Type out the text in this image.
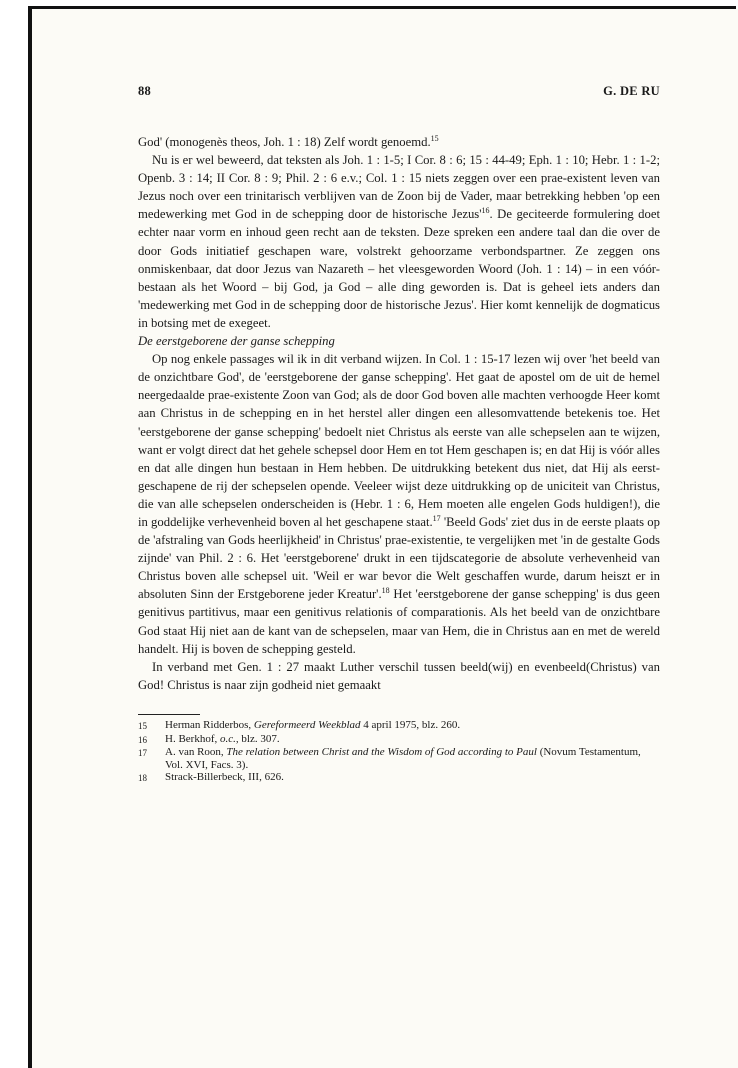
88	G. DE RU

God' (monogenès theos, Joh. 1 : 18) Zelf wordt genoemd.$^{15}$

Nu is er wel beweerd, dat teksten als Joh. 1 : 1-5; I Cor. 8 : 6; 15 : 44-49; Eph. 1 : 10; Hebr. 1 : 1-2; Openb. 3 : 14; II Cor. 8 : 9; Phil. 2 : 6 e.v.; Col. 1 : 15 niets zeggen over een prae-existent leven van Jezus noch over een trinitarisch verblijven van de Zoon bij de Vader, maar betrekking hebben 'op een medewerking met God in de schepping door de historische $Jezus'^{16}$. De geciteerde formulering doet echter naar vorm en inhoud geen recht aan de teksten. Deze spreken een andere taal dan die over de door Gods initiatief geschapen ware, volstrekt gehoorzame verbondspartner. Ze zeggen ons onmiskenbaar, dat door Jezus van Nazareth – het vleesgeworden Woord (Joh. 1 : 14) – in een vóór-bestaan als het Woord – bij God, ja God – alle ding geworden is. Dat is geheel iets anders dan 'medewerking met God in de schepping door de historische Jezus'. Hier komt kennelijk de dogmaticus in botsing met de exegeet.

De eerstgeborene der ganse schepping

Op nog enkele passages wil ik in dit verband wijzen. In Col. 1 : 15-17 lezen wij over 'het beeld van de onzichtbare God', de 'eerstgeborene der ganse schepping'. Het gaat de apostel om de uit de hemel neergedaalde prae-existente Zoon van God; als de door God boven alle machten verhoogde Heer komt aan Christus in de schepping en in het herstel aller dingen een allesomvattende betekenis toe. Het 'eerstgeborene der ganse schepping' bedoelt niet Christus als eerste van alle schepselen aan te wijzen, want er volgt direct dat het gehele schepsel door Hem en tot Hem geschapen is; en dat Hij is vóór alles en dat alle dingen hun bestaan in Hem hebben. De uitdrukking betekent dus niet, dat Hij als eerst-geschapene de rij der schepselen opende. Veeleer wijst deze uitdrukking op de uniciteit van Christus, die van alle schepselen onderscheiden is (Hebr. 1 : 6, Hem moeten alle engelen Gods huldigen!), die in goddelijke verhevenheid boven al het geschapene staat.$^{17}$ 'Beeld Gods' ziet dus in de eerste plaats op de 'afstraling van Gods heerlijkheid' in Christus' prae-existentie, te vergelijken met 'in de gestalte Gods zijnde' van Phil. 2 : 6. Het 'eerstgeborene' drukt in een tijdscategorie de absolute verhevenheid van Christus boven alle schepsel uit. 'Weil er war bevor die Welt geschaffen wurde, darum heiszt er in absoluten Sinn der Erstgeborene jeder Kreatur'.$^{18}$ Het 'eerstgeborene der ganse schepping' is dus geen genitivus partitivus, maar een genitivus relationis of comparationis. Als het beeld van de onzichtbare God staat Hij niet aan de kant van de schepselen, maar van Hem, die in Christus aan en met de wereld handelt. Hij is boven de schepping gesteld.

In verband met Gen. 1 : 27 maakt Luther verschil tussen beeld(wij) en evenbeeld(Christus) van God! Christus is naar zijn godheid niet gemaakt

15	Herman Ridderbos, Gereformeerd Weekblad 4 april 1975, blz. 260.
16	H. Berkhof, o.c., blz. 307.
17	A. van Roon, The relation between Christ and the Wisdom of God according to Paul (Novum Testamentum, Vol. XVI, Facs. 3).
18	Strack-Billerbeck, III, 626.
